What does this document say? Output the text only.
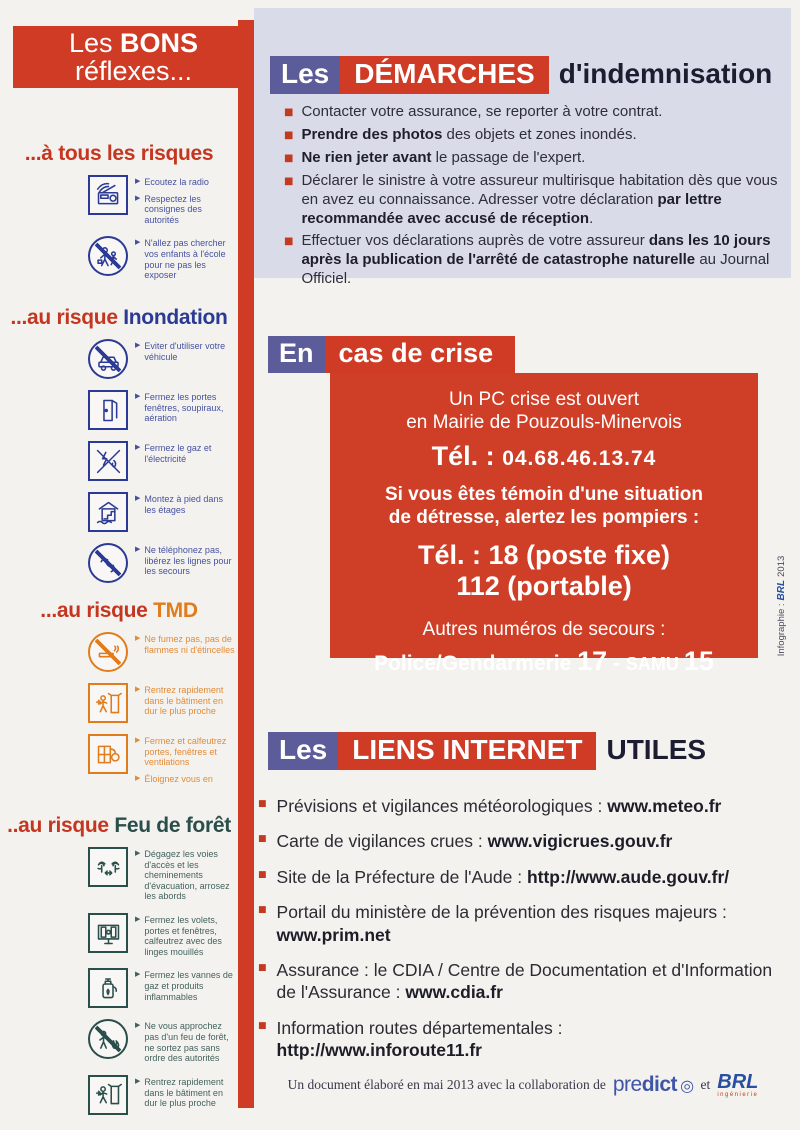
Les BONS
réflexes...
...à tous les risques
▶ Ecoutez la radio
▶ Respectez les consignes des autorités
▶ N'allez pas chercher vos enfants à l'école pour ne pas les exposer
...au risque Inondation
▶ Eviter d'utiliser votre véhicule
▶ Fermez les portes fenêtres, soupiraux, aération
▶ Fermez le gaz et l'électricité
▶ Montez à pied dans les étages
▶ Ne téléphonez pas, libérez les lignes pour les secours
...au risque TMD
▶ Ne fumez pas, pas de flammes ni d'étincelles
▶ Rentrez rapidement dans le bâtiment en dur le plus proche
▶ Fermez et calfeutrez portes, fenêtres et ventilations
▶ Éloignez vous en
..au risque Feu de forêt
▶ Dégagez les voies d'accès et les cheminements d'évacuation, arrosez les abords
▶ Fermez les volets, portes et fenêtres, calfeutrez avec des linges mouillés
▶ Fermez les vannes de gaz et produits inflammables
▶ Ne vous approchez pas d'un feu de forêt, ne sortez pas sans ordre des autorités
▶ Rentrez rapidement dans le bâtiment en dur le plus proche
Les DÉMARCHES d'indemnisation
■ Contacter votre assurance, se reporter à votre contrat.

■ Prendre des photos des objets et zones inondés.

■ Ne rien jeter avant le passage de l'expert.

■ Déclarer le sinistre à votre assureur multirisque habitation dès que vous en avez eu connaissance. Adresser votre déclaration par lettre recommandée avec accusé de réception.

■ Effectuer vos déclarations auprès de votre assureur dans les 10 jours après la publication de l'arrêté de catastrophe naturelle au Journal Officiel.

En cas de crise
Un PC crise est ouvert
en Mairie de Pouzouls-Minervois
Tél. : 04.68.46.13.74
Si vous êtes témoin d'une situation
de détresse, alertez les pompiers :
Tél. : 18 (poste fixe)
112 (portable)
Autres numéros de secours :
Police/Gendarmerie 17 - SAMU 15
Les LIENS INTERNET UTILES
■ Prévisions et vigilances météorologiques : www.meteo.fr

■ Carte de vigilances crues : www.vigicrues.gouv.fr

■ Site de la Préfecture de l'Aude : http://www.aude.gouv.fr/

■ Portail du ministère de la prévention des risques majeurs :
www.prim.net

■ Assurance : le CDIA / Centre de Documentation et d'Information de l'Assurance : www.cdia.fr

■ Information routes départementales :
http://www.inforoute11.fr

Un document élaboré en mai 2013 avec la collaboration de pre dict ◎ et BRL
ingénierie
Infographie :
BRL
2013
